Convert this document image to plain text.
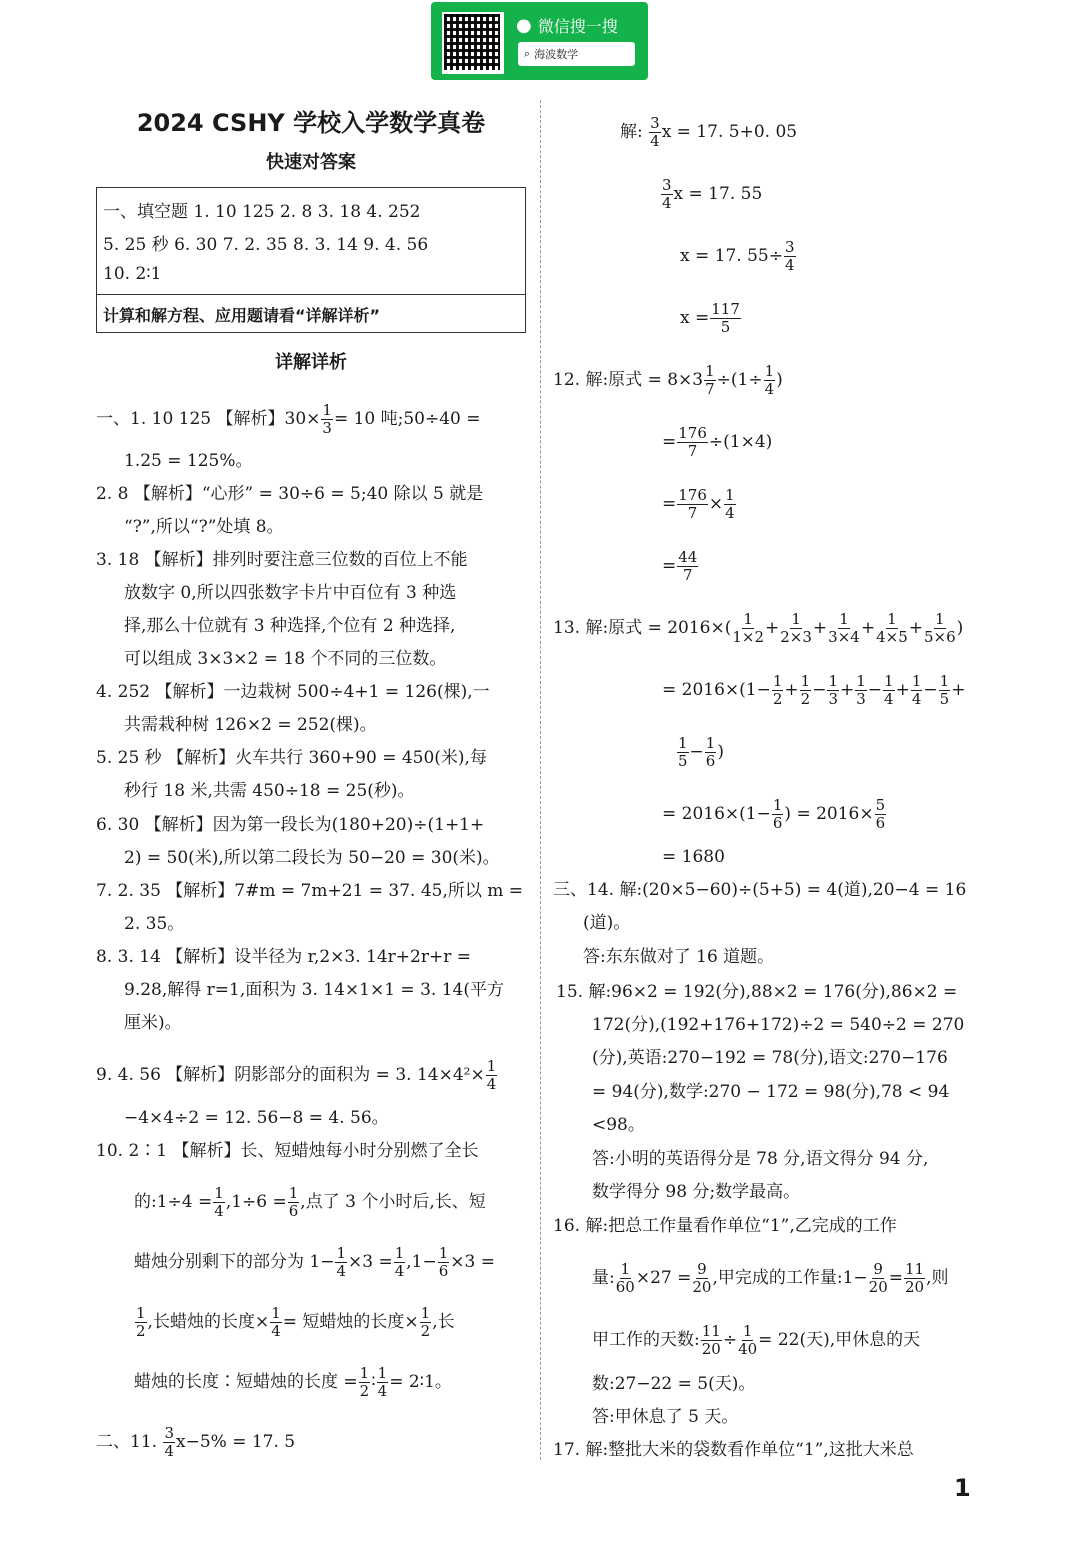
● 微信搜一搜
⌕ 海波数学
2024 CSHY 学校入学数学真卷
快速对答案
一、填空题 1. 10 125 2. 8 3. 18 4. 252
5. 25 秒 6. 30 7. 2. 35 8. 3. 14 9. 4. 56
10. 2∶1
计算和解方程、应用题请看“详解详析”
详解详析
一、1. 10 125 【解析】$30\times \frac{1}{3} = 10$ 吨;50÷40 =
1.25 = 125%。
2. 8 【解析】“心形” = 30÷6 = 5;40 除以 5 就是
“?”,所以“?”处填 8。
3. 18 【解析】排列时要注意三位数的百位上不能
放数字 0,所以四张数字卡片中百位有 3 种选
择,那么十位就有 3 种选择,个位有 2 种选择,
可以组成 3×3×2 = 18 个不同的三位数。
4. 252 【解析】一边栽树 500÷4+1 = 126(棵),一
共需栽种树 126×2 = 252(棵)。
5. 25 秒 【解析】火车共行 360+90 = 450(米),每
秒行 18 米,共需 450÷18 = 25(秒)。
6. 30 【解析】因为第一段长为(180+20)÷(1+1+
2) = 50(米),所以第二段长为 50−20 = 30(米)。
7. 2. 35 【解析】7#m = 7m+21 = 37. 45,所以 m =
2. 35。
8. 3. 14 【解析】设半径为 r,2×3. 14r+2r+r =
9.28,解得 r=1,面积为 3. 14×1×1 = 3. 14(平方
厘米)。
9. 4. 56 【解析】阴影部分的面积为 = 3. $14\times 4^2\times \frac{1}{4}$
−4×4÷2 = 12. 56−8 = 4. 56。
10. 2∶1 【解析】长、短蜡烛每小时分别燃了全长
的:1÷4 = $\frac{1}{4} ,1\div 6 = \frac{1}{6}$ ,点了 3 个小时后,长、短
蜡烛分别剩下的部分为 $1- \frac{1}{4} \times 3 = \frac{1}{4} ,1- \frac{1}{6} \times 3$ =
$\frac{1}{2}$ ,长蜡烛的长度× $\frac{1}{4}$ = 短蜡烛的长度× $\frac{1}{2}$ ,长
蜡烛的长度∶短蜡烛的长度 = $\frac{1}{2}$ ∶ $\frac{1}{4}$ = 2∶1。
二、11. $\frac{3}{4} x-5\% = 17$. 5
解: $\frac{3}{4}$ x = 17. 5+0. 05
$\frac{3}{4}$ x = 17. 55
x = 17. $55\div \frac{3}{4}$
$x = \frac{117}{5}$
12. 解:原式 = $8\times 3 \frac{1}{7} \div(1\div \frac{1}{4}$ )
= $\frac{176}{7} \div(1\times 4)$
= $\frac{176}{7} \times \frac{1}{4}$
= $\frac{44}{7}$
13. 解:原式 = $2016\times( \frac{1}{1\times 2} + \frac{1}{2\times 3} + \frac{1}{3\times 4} + \frac{1}{4\times 5} + \frac{1}{5\times 6}$ )
= $2016\times(1- \frac{1}{2} + \frac{1}{2} - \frac{1}{3} + \frac{1}{3} - \frac{1}{4} + \frac{1}{4} - \frac{1}{5}$ +
$\frac{1}{5} - \frac{1}{6}$ )
= $2016\times(1- \frac{1}{6}$ ) = $2016\times \frac{5}{6}$
= 1680
三、14. 解:(20×5−60)÷(5+5) = 4(道),20−4 = 16
(道)。
答:东东做对了 16 道题。
15. 解:96×2 = 192(分),88×2 = 176(分),86×2 =
172(分),(192+176+172)÷2 = 540÷2 = 270
(分),英语:270−192 = 78(分),语文:270−176
= 94(分),数学:270 − 172 = 98(分),78 < 94
<98。
答:小明的英语得分是 78 分,语文得分 94 分,
数学得分 98 分;数学最高。
16. 解:把总工作量看作单位“1”,乙完成的工作
量: $\frac{1}{60} \times 27 = \frac{9}{20}$ ,甲完成的工作量:1− $\frac{9}{20} = \frac{11}{20}$ ,则
甲工作的天数: $\frac{11}{20} \div \frac{1}{40} = 22$(天),甲休息的天
数:27−22 = 5(天)。
答:甲休息了 5 天。
17. 解:整批大米的袋数看作单位“1”,这批大米总
1
